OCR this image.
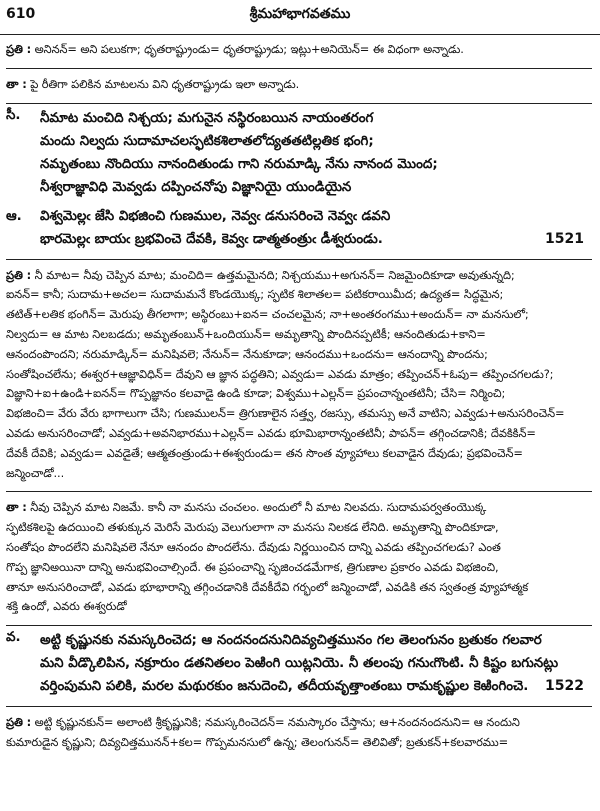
610	శ్రీమహాభాగవతము
ప్రతి : అనినన్= అని పలుకగా; ధృతరాష్ట్రుండు= ధృతరాష్ట్రుడు; ఇట్లు+అనియెన్= ఈ విధంగా అన్నాడు.
తా : పై రీతిగా పలికిన మాటలను విని ధృతరాష్ట్రుడు ఇలా అన్నాడు.
సీ.	నీమాట మంచిది నిశ్చయ; మగునైన నస్థిరంబయిన నాయంతరంగ
మందు నిల్వదు సుదామాచలస్ఫటికశిలాతలోద్యతతటిల్లతిక భంగి;
నమృతంబు నొందియు నానందితుండు గాని నరుమాడ్కి నేను నానంద మొంద;
నీశ్వరాజ్ఞావిధి మెవ్వడు దప్పించనోపు విజ్ఞానియై యుండియైన
ఆ.	విశ్వమెల్లఁ జేసి విభజించి గుణముల, నెవ్వఁ డనుసరించె నెవ్వఁ డవని
భారమెల్లఁ బాయఁ బ్రభవించె దేవకి, కెవ్వఁ డాత్మతంత్రుఁ డీశ్వరుండు.	1521
ప్రతి : నీ మాట= నీవు చెప్పిన మాట; మంచిది= ఉత్తమమైనది; నిశ్చయము+అగునన్= నిజమైందికూడా అవుతున్నది;
ఐనన్= కానీ; సుదామ+అచల= సుదామమనే కొండయొక్క; స్ఫటిక శిలాతల= పటికరాయిమీద; ఉద్యత= సిద్ధమైన;
తటిత్+లతిక భంగిన్= మెరుపు తీగలాగా; అస్థిరంబు+ఐన= చంచలమైన; నా+అంతరంగము+అందున్= నా మనసులో;
నిల్వదు= ఆ మాట నిలబడదు; అమృతంబున్+ఒందియున్= అమృతాన్ని పొందినప్పటికీ; ఆనందితుడు+కాని=
ఆనందంపొందని; నరుమాడ్కిన్= మనిషివలె; నేనున్= నేనుకూడా; ఆనందము+ఒందను= ఆనందాన్ని పొందను;
సంతోషించలేను; ఈశ్వర+ఆజ్ఞావిధిన్= దేవుని ఆ జ్ఞాన పద్ధతిని; ఎవ్వడు= ఎవడు మాత్రం; తప్పించన్+ఓపు= తప్పించగలడు?;
విజ్ఞాని+ఐ+ఉండి+ఐనన్= గొప్పజ్ఞానం కలవాడై ఉండి కూడా; విశ్వము+ఎల్లన్= ప్రపంచాన్నంతటినీ; చేసి= నిర్మించి;
విభజించి= వేరు వేరు భాగాలుగా చేసి; గుణములన్= త్రిగుణాలైన సత్త్వ, రజస్సు, తమస్సు అనే వాటిని; ఎవ్వడు+అనుసరించెన్=
ఎవడు అనుసరించాడో; ఎవ్వడు+అవనిభారము+ఎల్లన్= ఎవడు భూమిభారాన్నంతటినీ; పాపన్= తగ్గించడానికి; దేవకికిన్=
దేవకీ దేవికి; ఎవ్వడు= ఎవడైతే; ఆత్మతంత్రుండు+ఈశ్వరుండు= తన సొంత వ్యూహాలు కలవాడైన దేవుడు; ప్రభవించెన్=
జన్మించాడో...
తా : నీవు చెప్పిన మాట నిజమే. కానీ నా మనసు చంచలం. అందులో నీ మాట నిలవదు. సుదామపర్వతంయొక్క
స్ఫటికశిలపై ఉదయించి తళుక్కున మెరిసే మెరుపు వెలుగులాగా నా మనసు నిలకడ లేనిది. అమృతాన్ని పొందికూడా,
సంతోషం పొందలేని మనిషివలె నేనూ ఆనందం పొందలేను. దేవుడు నిర్ణయించిన దాన్ని ఎవడు తప్పించగలడు? ఎంత
గొప్ప జ్ఞానిఅయినా దాన్ని అనుభవించాల్సిందే. ఈ ప్రపంచాన్ని సృజించడమేగాక, త్రిగుణాల ప్రకారం ఎవడు విభజించి,
తానూ అనుసరించాడో, ఎవడు భూభారాన్ని తగ్గించడానికి దేవకీదేవి గర్భంలో జన్మించాడో, ఎవడికి తన స్వతంత్ర వ్యూహాత్మక
శక్తి ఉందో, ఎవరు ఈశ్వరుడో
వ.	అట్టి కృష్ణునకు నమస్కరించెద; ఆ నందనందనునిదివ్యచిత్తమునం గల తెలంగునం బ్రతుకం గలవార
మని వీడ్కొలిపిన, నక్రూరుం డతనితలం పెఱింగి యిట్లనియె. నీ తలంపు గనుఁగొంటి. నీ కిష్టం బగునట్లు
వర్తింపుమని పలికి, మరల మథురకుం జనుదెంచి, తదీయవృత్తాంతంబు రామకృష్ణుల కెఱింగించె. 1522
ప్రతి : అట్టి కృష్ణునకున్= అలాంటి శ్రీకృష్ణునికి; నమస్కరించెదన్= నమస్కారం చేస్తాను; ఆ+నందనందనుని= ఆ నందుని
కుమారుడైన కృష్ణుని; దివ్యచిత్తమునన్+కల= గొప్పమనసులో ఉన్న; తెలంగునన్= తెలివితో; బ్రతుకన్+కలవారము=
